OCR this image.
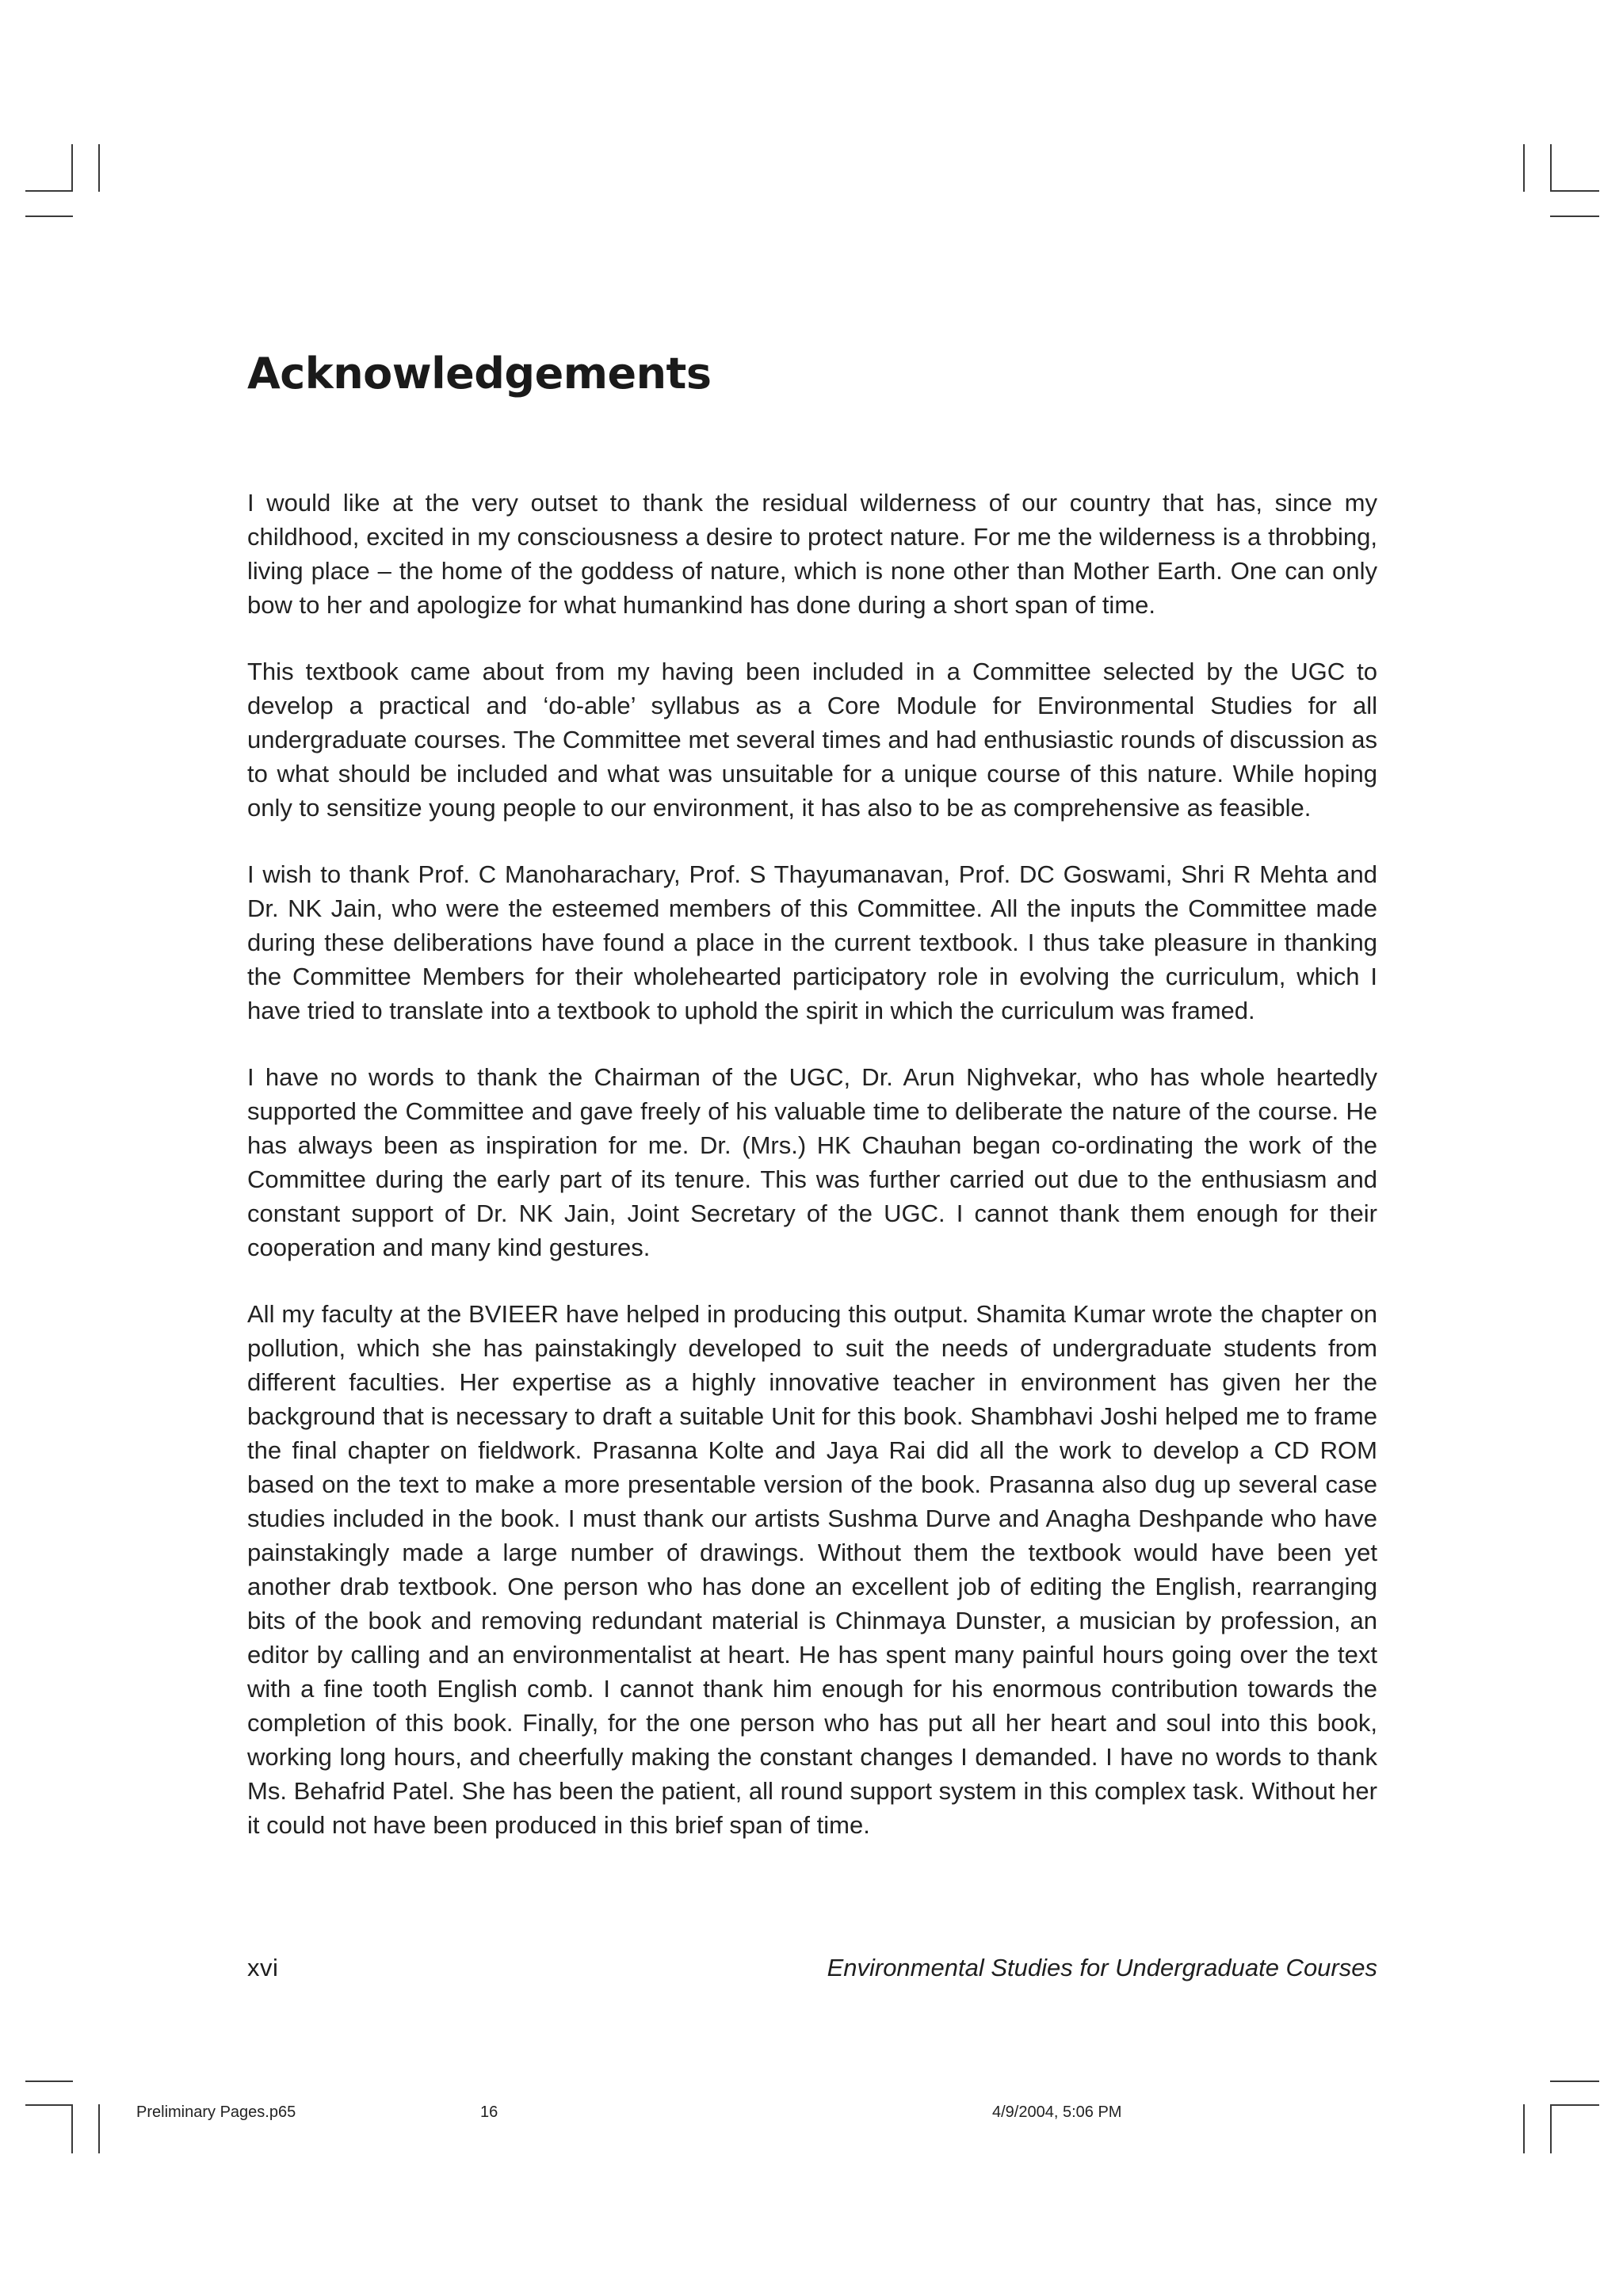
Acknowledgements

I would like at the very outset to thank the residual wilderness of our country that has, since my childhood, excited in my consciousness a desire to protect nature. For me the wilderness is a throbbing, living place – the home of the goddess of nature, which is none other than Mother Earth. One can only bow to her and apologize for what humankind has done during a short span of time.

This textbook came about from my having been included in a Committee selected by the UGC to develop a practical and ‘do-able’ syllabus as a Core Module for Environmental Studies for all undergraduate courses. The Committee met several times and had enthusiastic rounds of discussion as to what should be included and what was unsuitable for a unique course of this nature. While hoping only to sensitize young people to our environment, it has also to be as comprehensive as feasible.

I wish to thank Prof. C Manoharachary, Prof. S Thayumanavan, Prof. DC Goswami, Shri R Mehta and Dr. NK Jain, who were the esteemed members of this Committee. All the inputs the Committee made during these deliberations have found a place in the current textbook. I thus take pleasure in thanking the Committee Members for their wholehearted participatory role in evolving the curriculum, which I have tried to translate into a textbook to uphold the spirit in which the curriculum was framed.

I have no words to thank the Chairman of the UGC, Dr. Arun Nighvekar, who has whole heartedly supported the Committee and gave freely of his valuable time to deliberate the nature of the course. He has always been as inspiration for me. Dr. (Mrs.) HK Chauhan began co-ordinating the work of the Committee during the early part of its tenure. This was further carried out due to the enthusiasm and constant support of Dr. NK Jain, Joint Secretary of the UGC. I cannot thank them enough for their cooperation and many kind gestures.

All my faculty at the BVIEER have helped in producing this output. Shamita Kumar wrote the chapter on pollution, which she has painstakingly developed to suit the needs of undergraduate students from different faculties. Her expertise as a highly innovative teacher in environment has given her the background that is necessary to draft a suitable Unit for this book. Shambhavi Joshi helped me to frame the final chapter on fieldwork. Prasanna Kolte and Jaya Rai did all the work to develop a CD ROM based on the text to make a more presentable version of the book. Prasanna also dug up several case studies included in the book. I must thank our artists Sushma Durve and Anagha Deshpande who have painstakingly made a large number of drawings. Without them the textbook would have been yet another drab textbook. One person who has done an excellent job of editing the English, rearranging bits of the book and removing redundant material is Chinmaya Dunster, a musician by profession, an editor by calling and an environmentalist at heart. He has spent many painful hours going over the text with a fine tooth English comb. I cannot thank him enough for his enormous contribution towards the completion of this book. Finally, for the one person who has put all her heart and soul into this book, working long hours, and cheerfully making the constant changes I demanded. I have no words to thank Ms. Behafrid Patel. She has been the patient, all round support system in this complex task. Without her it could not have been produced in this brief span of time.

xvi	Environmental Studies for Undergraduate Courses
Preliminary Pages.p65	16	4/9/2004, 5:06 PM
